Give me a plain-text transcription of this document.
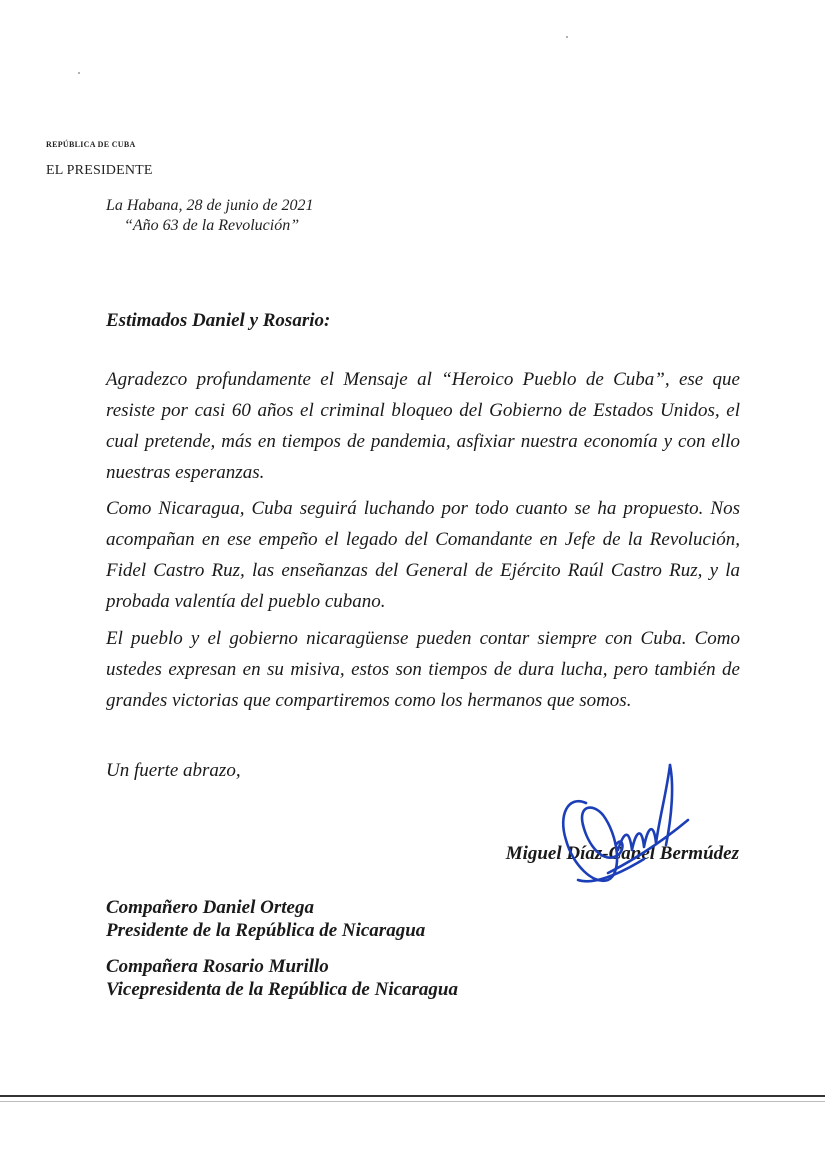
REPÚBLICA DE CUBA
EL PRESIDENTE
La Habana, 28 de junio de 2021
“Año 63 de la Revolución”
Estimados Daniel y Rosario:

Agradezco profundamente el Mensaje al “Heroico Pueblo de Cuba”, ese que resiste por casi 60 años el criminal bloqueo del Gobierno de Estados Unidos, el cual pretende, más en tiempos de pandemia, asfixiar nuestra economía y con ello nuestras esperanzas.

Como Nicaragua, Cuba seguirá luchando por todo cuanto se ha propuesto. Nos acompañan en ese empeño el legado del Comandante en Jefe de la Revolución, Fidel Castro Ruz, las enseñanzas del General de Ejército Raúl Castro Ruz, y la probada valentía del pueblo cubano.

El pueblo y el gobierno nicaragüense pueden contar siempre con Cuba. Como ustedes expresan en su misiva, estos son tiempos de dura lucha, pero también de grandes victorias que compartiremos como los hermanos que somos.

Un fuerte abrazo,
Miguel Díaz-Canel Bermúdez
Compañero Daniel Ortega
Presidente de la República de Nicaragua
Compañera Rosario Murillo
Vicepresidenta de la República de Nicaragua
